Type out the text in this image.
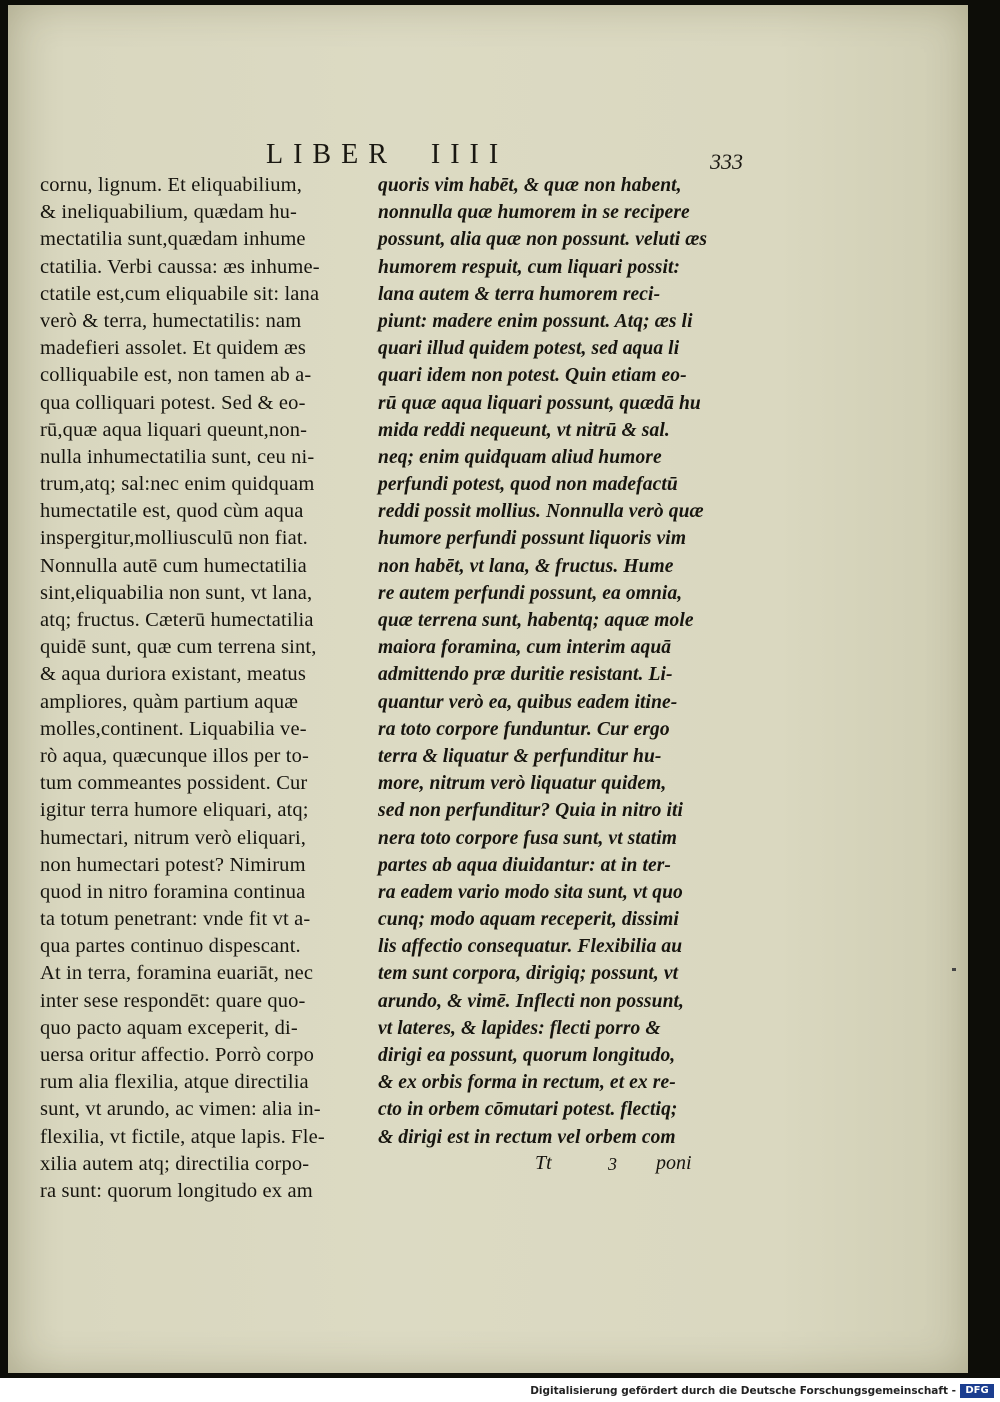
LIBER  IIII	333
cornu, lignum. Et eliquabilium,
& ineliquabilium, quædam hu-
mectatilia sunt,quædam inhume
ctatilia. Verbi caussa: æs inhume-
ctatile est,cum eliquabile sit: lana
verò & terra, humectatilis: nam
madefieri assolet. Et quidem æs
colliquabile est, non tamen ab a-
qua colliquari potest. Sed & eo-
rū,quæ aqua liquari queunt,non-
nulla inhumectatilia sunt, ceu ni-
trum,atq; sal:nec enim quidquam
humectatile est, quod cùm aqua
inspergitur,molliusculū non fiat.
Nonnulla autē cum humectatilia
sint,eliquabilia non sunt, vt lana,
atq; fructus. Cæterū humectatilia
quidē sunt, quæ cum terrena sint,
& aqua duriora existant, meatus
ampliores, quàm partium aquæ
molles,continent. Liquabilia ve-
rò aqua, quæcunque illos per to-
tum commeantes possident. Cur
igitur terra humore eliquari, atq;
humectari, nitrum verò eliquari,
non humectari potest? Nimirum
quod in nitro foramina continua
ta totum penetrant: vnde fit vt a-
qua partes continuo dispescant.
At in terra, foramina euariāt, nec
inter sese respondēt: quare quo-
quo pacto aquam exceperit, di-
uersa oritur affectio. Porrò corpo
rum alia flexilia, atque directilia
sunt, vt arundo, ac vimen: alia in-
flexilia, vt fictile, atque lapis. Fle-
xilia autem atq; directilia corpo-
ra sunt: quorum longitudo ex am
quoris vim habēt, & quæ non habent,
nonnulla quæ humorem in se recipere
possunt, alia quæ non possunt. veluti æs
humorem respuit, cum liquari possit:
lana autem & terra humorem reci-
piunt: madere enim possunt. Atq; æs li
quari illud quidem potest, sed aqua li
quari idem non potest. Quin etiam eo-
rū quæ aqua liquari possunt, quædā hu
mida reddi nequeunt, vt nitrū & sal.
neq; enim quidquam aliud humore
perfundi potest, quod non madefactū
reddi possit mollius. Nonnulla verò quæ
humore perfundi possunt liquoris vim
non habēt, vt lana, & fructus. Hume
re autem perfundi possunt, ea omnia,
quæ terrena sunt, habentq; aquæ mole
maiora foramina, cum interim aquā
admittendo præ duritie resistant. Li-
quantur verò ea, quibus eadem itine-
ra toto corpore funduntur. Cur ergo
terra & liquatur & perfunditur hu-
more, nitrum verò liquatur quidem,
sed non perfunditur? Quia in nitro iti
nera toto corpore fusa sunt, vt statim
partes ab aqua diuidantur: at in ter-
ra eadem vario modo sita sunt, vt quo
cunq; modo aquam receperit, dissimi
lis affectio consequatur. Flexibilia au
tem sunt corpora, dirigiq; possunt, vt
arundo, & vimē. Inflecti non possunt,
vt lateres, & lapides: flecti porro &
dirigi ea possunt, quorum longitudo,
& ex orbis forma in rectum, et ex re-
cto in orbem cōmutari potest. flectiq;
& dirigi est in rectum vel orbem com
Tt	3 poni
Digitalisierung gefördert durch die Deutsche Forschungsgemeinschaft - DFG
